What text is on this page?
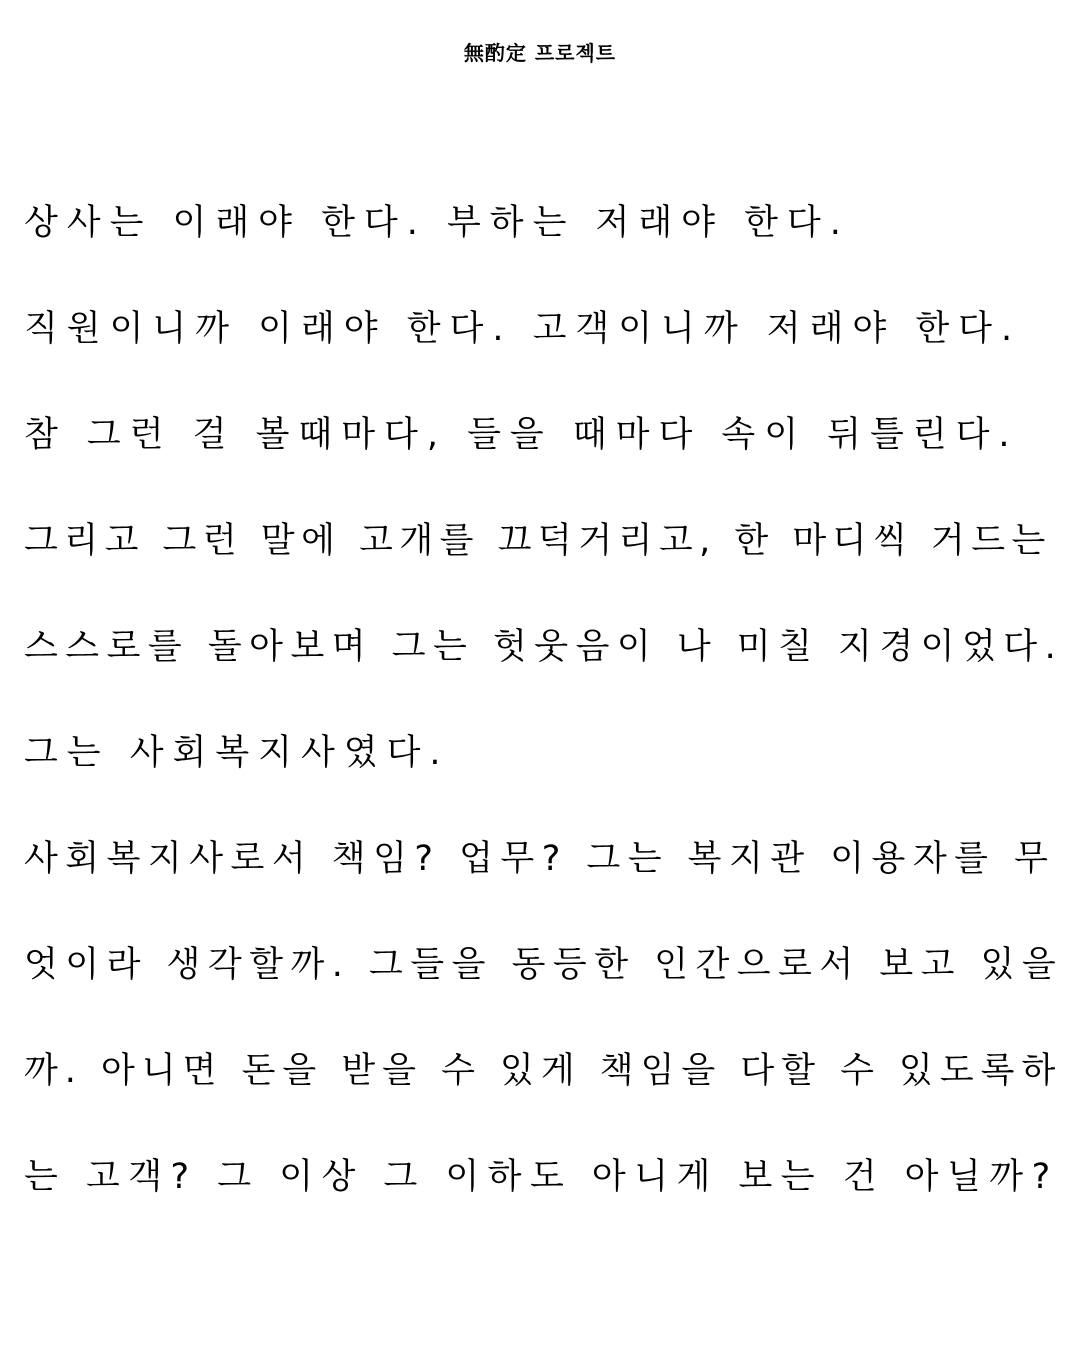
無酌定 프로젝트
상사는 이래야 한다. 부하는 저래야 한다.
직원이니까 이래야 한다. 고객이니까 저래야 한다.
참 그런 걸 볼때마다, 들을 때마다 속이 뒤틀린다.
그리고 그런 말에 고개를 끄덕거리고, 한 마디씩 거드는
스스로를 돌아보며 그는 헛웃음이 나 미칠 지경이었다.
그는 사회복지사였다.
사회복지사로서 책임? 업무? 그는 복지관 이용자를 무
엇이라 생각할까. 그들을 동등한 인간으로서 보고 있을
까. 아니면 돈을 받을 수 있게 책임을 다할 수 있도록하
는 고객? 그 이상 그 이하도 아니게 보는 건 아닐까?
